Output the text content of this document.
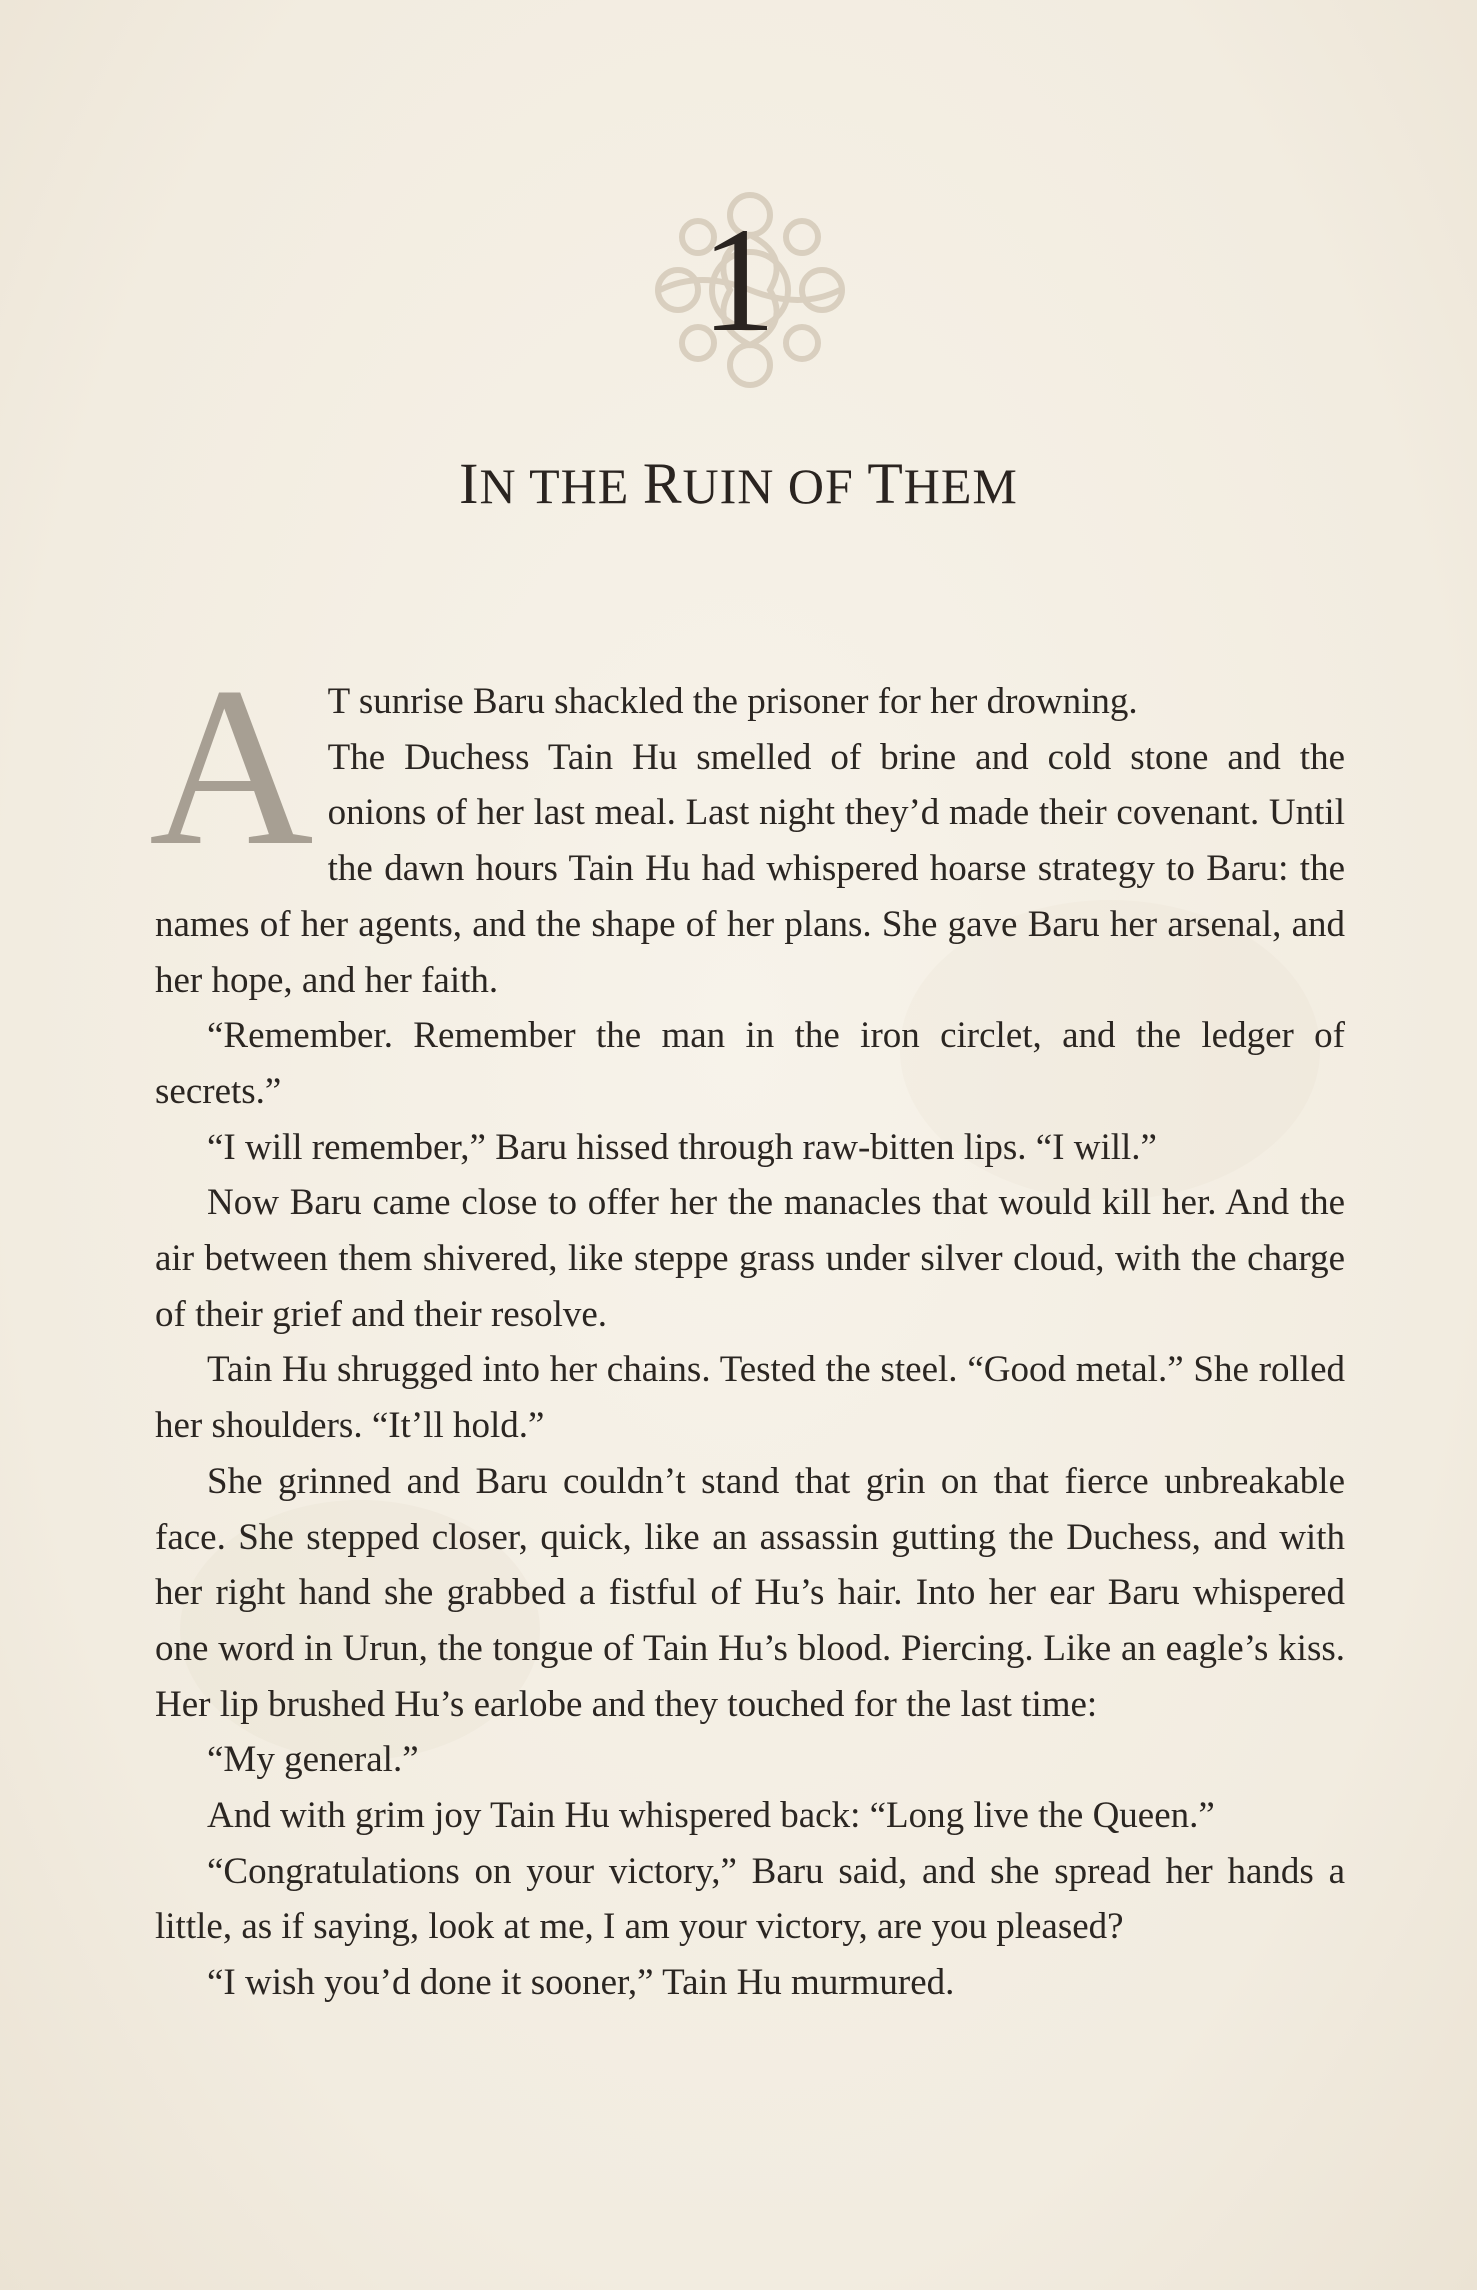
1
IN THE RUIN OF THEM

A T sunrise Baru shackled the prisoner for her drowning.
The Duchess Tain Hu smelled of brine and cold stone and the onions of her last meal. Last night they’d made their covenant. Until the dawn hours Tain Hu had whispered hoarse strategy to Baru: the names of her agents, and the shape of her plans. She gave Baru her arsenal, and her hope, and her faith.

“Remember. Remember the man in the iron circlet, and the ledger of secrets.”

“I will remember,” Baru hissed through raw-bitten lips. “I will.”

Now Baru came close to offer her the manacles that would kill her. And the air between them shivered, like steppe grass under silver cloud, with the charge of their grief and their resolve.

Tain Hu shrugged into her chains. Tested the steel. “Good metal.” She rolled her shoulders. “It’ll hold.”

She grinned and Baru couldn’t stand that grin on that fierce unbreakable face. She stepped closer, quick, like an assassin gutting the Duchess, and with her right hand she grabbed a fistful of Hu’s hair. Into her ear Baru whispered one word in Urun, the tongue of Tain Hu’s blood. Piercing. Like an eagle’s kiss. Her lip brushed Hu’s earlobe and they touched for the last time:

“My general.”

And with grim joy Tain Hu whispered back: “Long live the Queen.”

“Congratulations on your victory,” Baru said, and she spread her hands a little, as if saying, look at me, I am your victory, are you pleased?

“I wish you’d done it sooner,” Tain Hu murmured.
